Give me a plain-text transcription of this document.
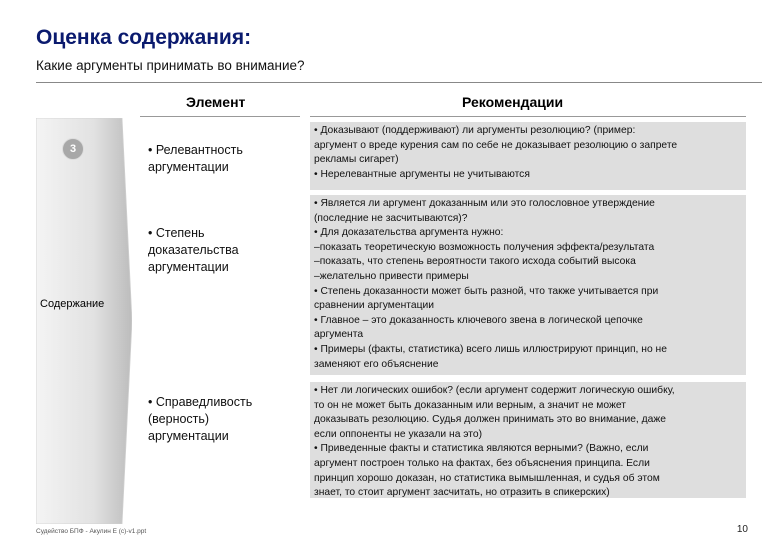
Оценка содержания:
Какие аргументы принимать во внимание?
Элемент	Рекомендации
3
Содержание
• Релевантность
аргументации
• Доказывают (поддерживают) ли аргументы резолюцию? (пример:
аргумент о вреде курения сам по себе не доказывает резолюцию о запрете
рекламы сигарет)
• Нерелевантные аргументы не учитываются
• Степень
доказательства
аргументации
• Является ли аргумент доказанным или это голословное утверждение
(последние не засчитываются)?
• Для доказательства аргумента нужно:
–показать теоретическую возможность получения эффекта/результата
–показать, что степень вероятности такого исхода событий высока
–желательно привести примеры
• Степень доказанности может быть разной, что также учитывается при
сравнении аргументации
• Главное – это доказанность ключевого звена в логической цепочке
аргумента
• Примеры (факты, статистика) всего лишь иллюстрируют принцип, но не
заменяют его объяснение
• Справедливость
(верность)
аргументации
• Нет ли логических ошибок? (если аргумент содержит логическую ошибку,
то он не может быть доказанным или верным, а значит не может
доказывать резолюцию. Судья должен принимать это во внимание, даже
если оппоненты не указали на это)
• Приведенные факты и статистика являются верными? (Важно, если
аргумент построен только на фактах, без объяснения принципа. Если
принцип хорошо доказан, но статистика вымышленная, и судья об этом
знает, то стоит аргумент засчитать, но отразить в спикерских)
Судейство БПФ - Акулин Е (с)-v1.ppt	10
